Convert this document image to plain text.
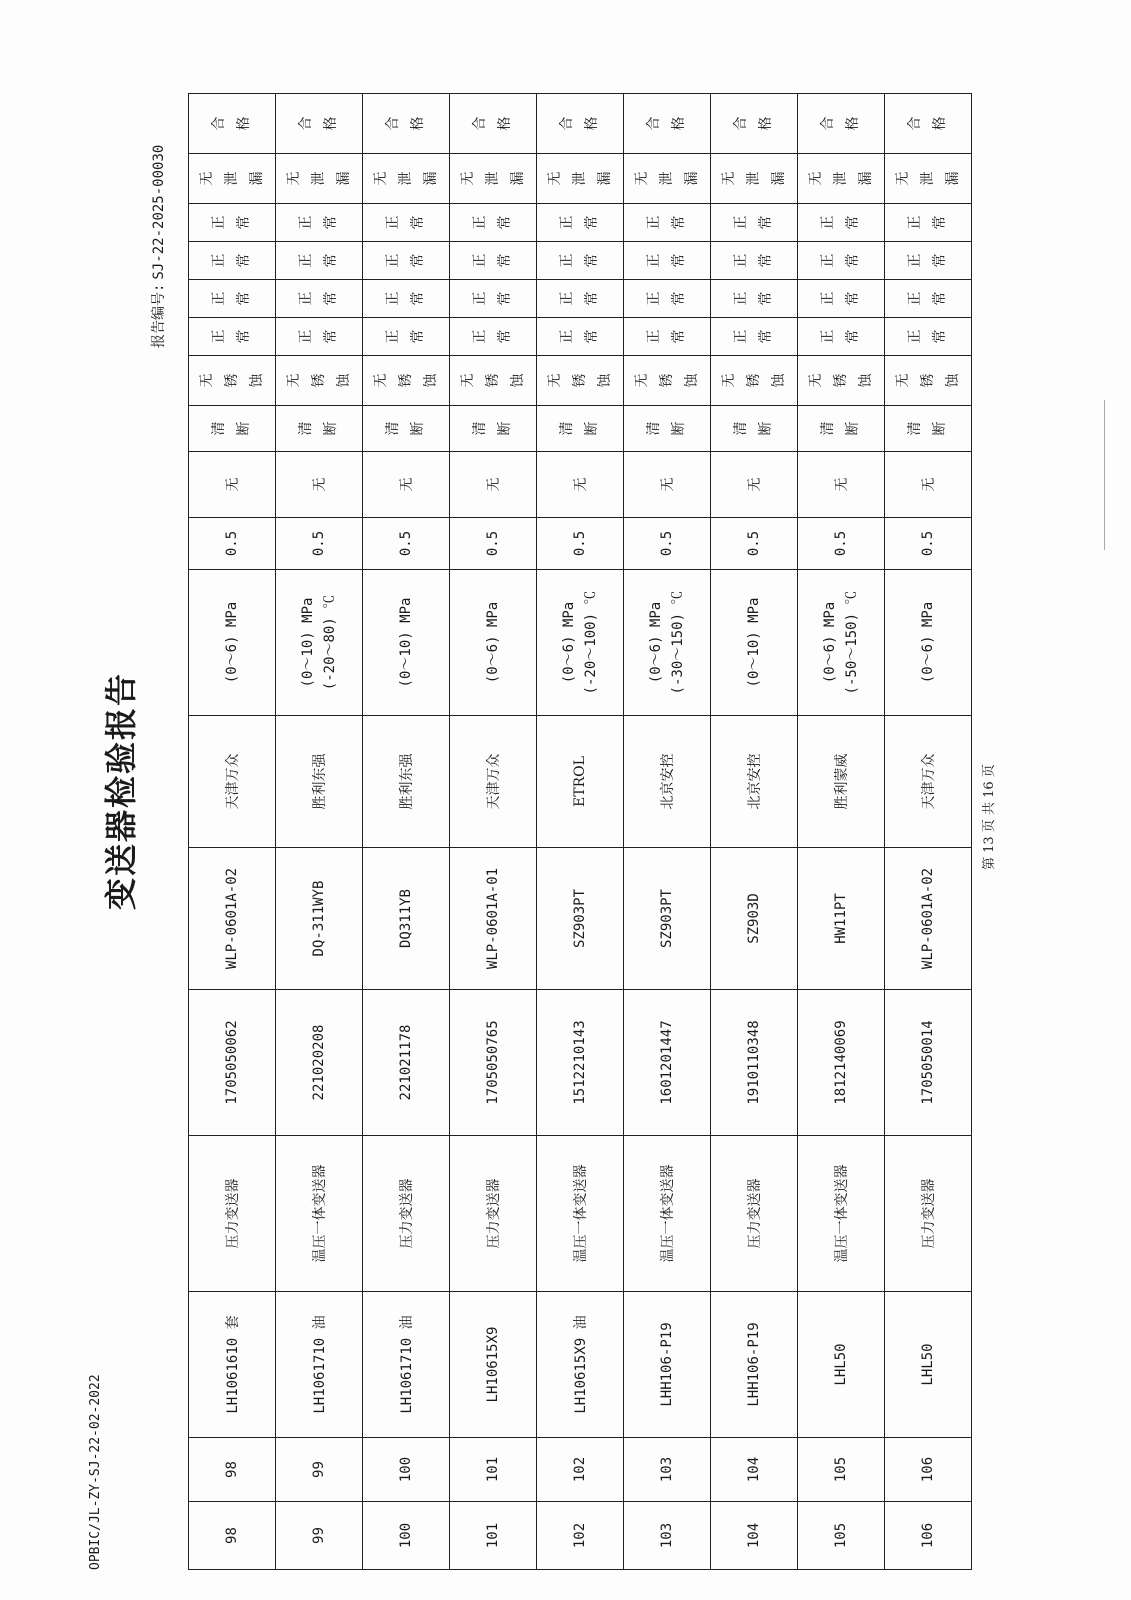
OPBIC/JL-ZY-SJ-22-02-2022
变送器检验报告
报告编号:SJ-22-2025-00030
98	98	LH1061610 套	压力变送器	1705050062	WLP-0601A-02	天津万众	(0～6) MPa	0.5	无	清断	无锈蚀	正常	正常	正常	正常	无泄漏	合格
99	99	LH1061710 油	温压一体变送器	221020208	DQ-311WYB	胜利东强	(0～10) MPa (-20～80) ℃	0.5	无	清断	无锈蚀	正常	正常	正常	正常	无泄漏	合格
100	100	LH1061710 油	压力变送器	221021178	DQ311YB	胜利东强	(0～10) MPa	0.5	无	清断	无锈蚀	正常	正常	正常	正常	无泄漏	合格
101	101	LH10615X9	压力变送器	1705050765	WLP-0601A-01	天津万众	(0～6) MPa	0.5	无	清断	无锈蚀	正常	正常	正常	正常	无泄漏	合格
102	102	LH10615X9 油	温压一体变送器	1512210143	SZ903PT	ETROL	(0～6) MPa (-20～100) ℃	0.5	无	清断	无锈蚀	正常	正常	正常	正常	无泄漏	合格
103	103	LHH106-P19	温压一体变送器	1601201447	SZ903PT	北京安控	(0～6) MPa (-30～150) ℃	0.5	无	清断	无锈蚀	正常	正常	正常	正常	无泄漏	合格
104	104	LHH106-P19	压力变送器	1910110348	SZ903D	北京安控	(0～10) MPa	0.5	无	清断	无锈蚀	正常	正常	正常	正常	无泄漏	合格
105	105	LHL50	温压一体变送器	1812140069	HW11PT	胜利蒙威	(0～6) MPa (-50～150) ℃	0.5	无	清断	无锈蚀	正常	正常	正常	正常	无泄漏	合格
106	106	LHL50	压力变送器	1705050014	WLP-0601A-02	天津万众	(0～6) MPa	0.5	无	清断	无锈蚀	正常	正常	正常	正常	无泄漏	合格
第 13 页 共 16 页
